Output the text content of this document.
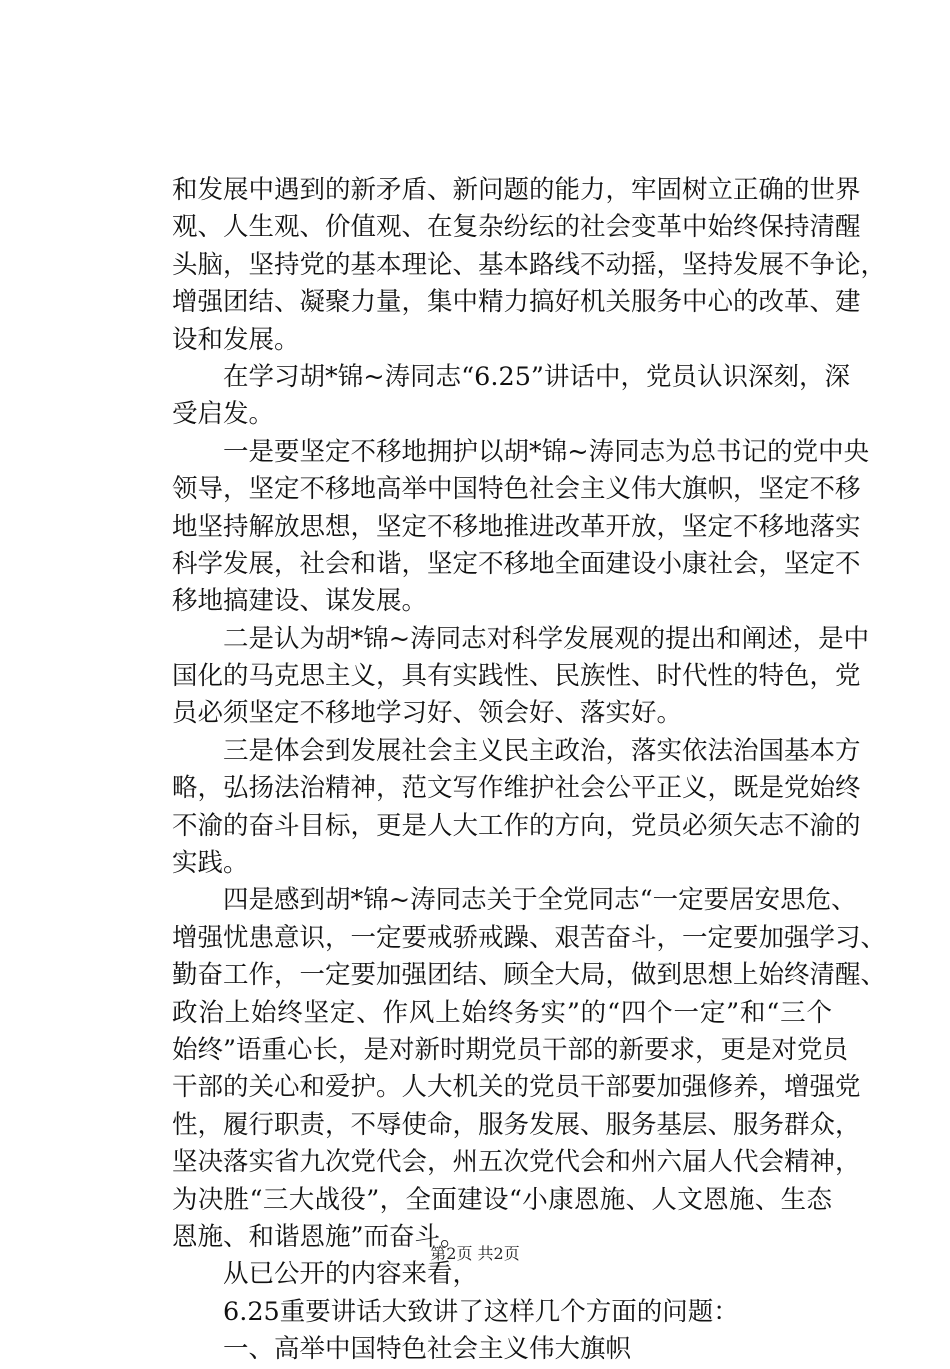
和发展中遇到的新矛盾、新问题的能力，牢固树立正确的世界
观、人生观、价值观、在复杂纷纭的社会变革中始终保持清醒
头脑，坚持党的基本理论、基本路线不动摇，坚持发展不争论，
增强团结、凝聚力量，集中精力搞好机关服务中心的改革、建
设和发展。
　　在学习胡*锦~涛同志“6.25”讲话中，党员认识深刻，深
受启发。
　　一是要坚定不移地拥护以胡*锦~涛同志为总书记的党中央
领导，坚定不移地高举中国特色社会主义伟大旗帜，坚定不移
地坚持解放思想，坚定不移地推进改革开放，坚定不移地落实
科学发展，社会和谐，坚定不移地全面建设小康社会，坚定不
移地搞建设、谋发展。
　　二是认为胡*锦~涛同志对科学发展观的提出和阐述，是中
国化的马克思主义，具有实践性、民族性、时代性的特色，党
员必须坚定不移地学习好、领会好、落实好。
　　三是体会到发展社会主义民主政治，落实依法治国基本方
略，弘扬法治精神，范文写作维护社会公平正义，既是党始终
不渝的奋斗目标，更是人大工作的方向，党员必须矢志不渝的
实践。
　　四是感到胡*锦~涛同志关于全党同志“一定要居安思危、
增强忧患意识，一定要戒骄戒躁、艰苦奋斗，一定要加强学习、
勤奋工作，一定要加强团结、顾全大局，做到思想上始终清醒、
政治上始终坚定、作风上始终务实”的“四个一定”和“三个
始终”语重心长，是对新时期党员干部的新要求，更是对党员
干部的关心和爱护。人大机关的党员干部要加强修养，增强党
性，履行职责，不辱使命，服务发展、服务基层、服务群众，
坚决落实省九次党代会，州五次党代会和州六届人代会精神，
为决胜“三大战役”，全面建设“小康恩施、人文恩施、生态
恩施、和谐恩施”而奋斗。
　　从已公开的内容来看，
　　6.25重要讲话大致讲了这样几个方面的问题：
　　一、高举中国特色社会主义伟大旗帜
第2页 共2页
